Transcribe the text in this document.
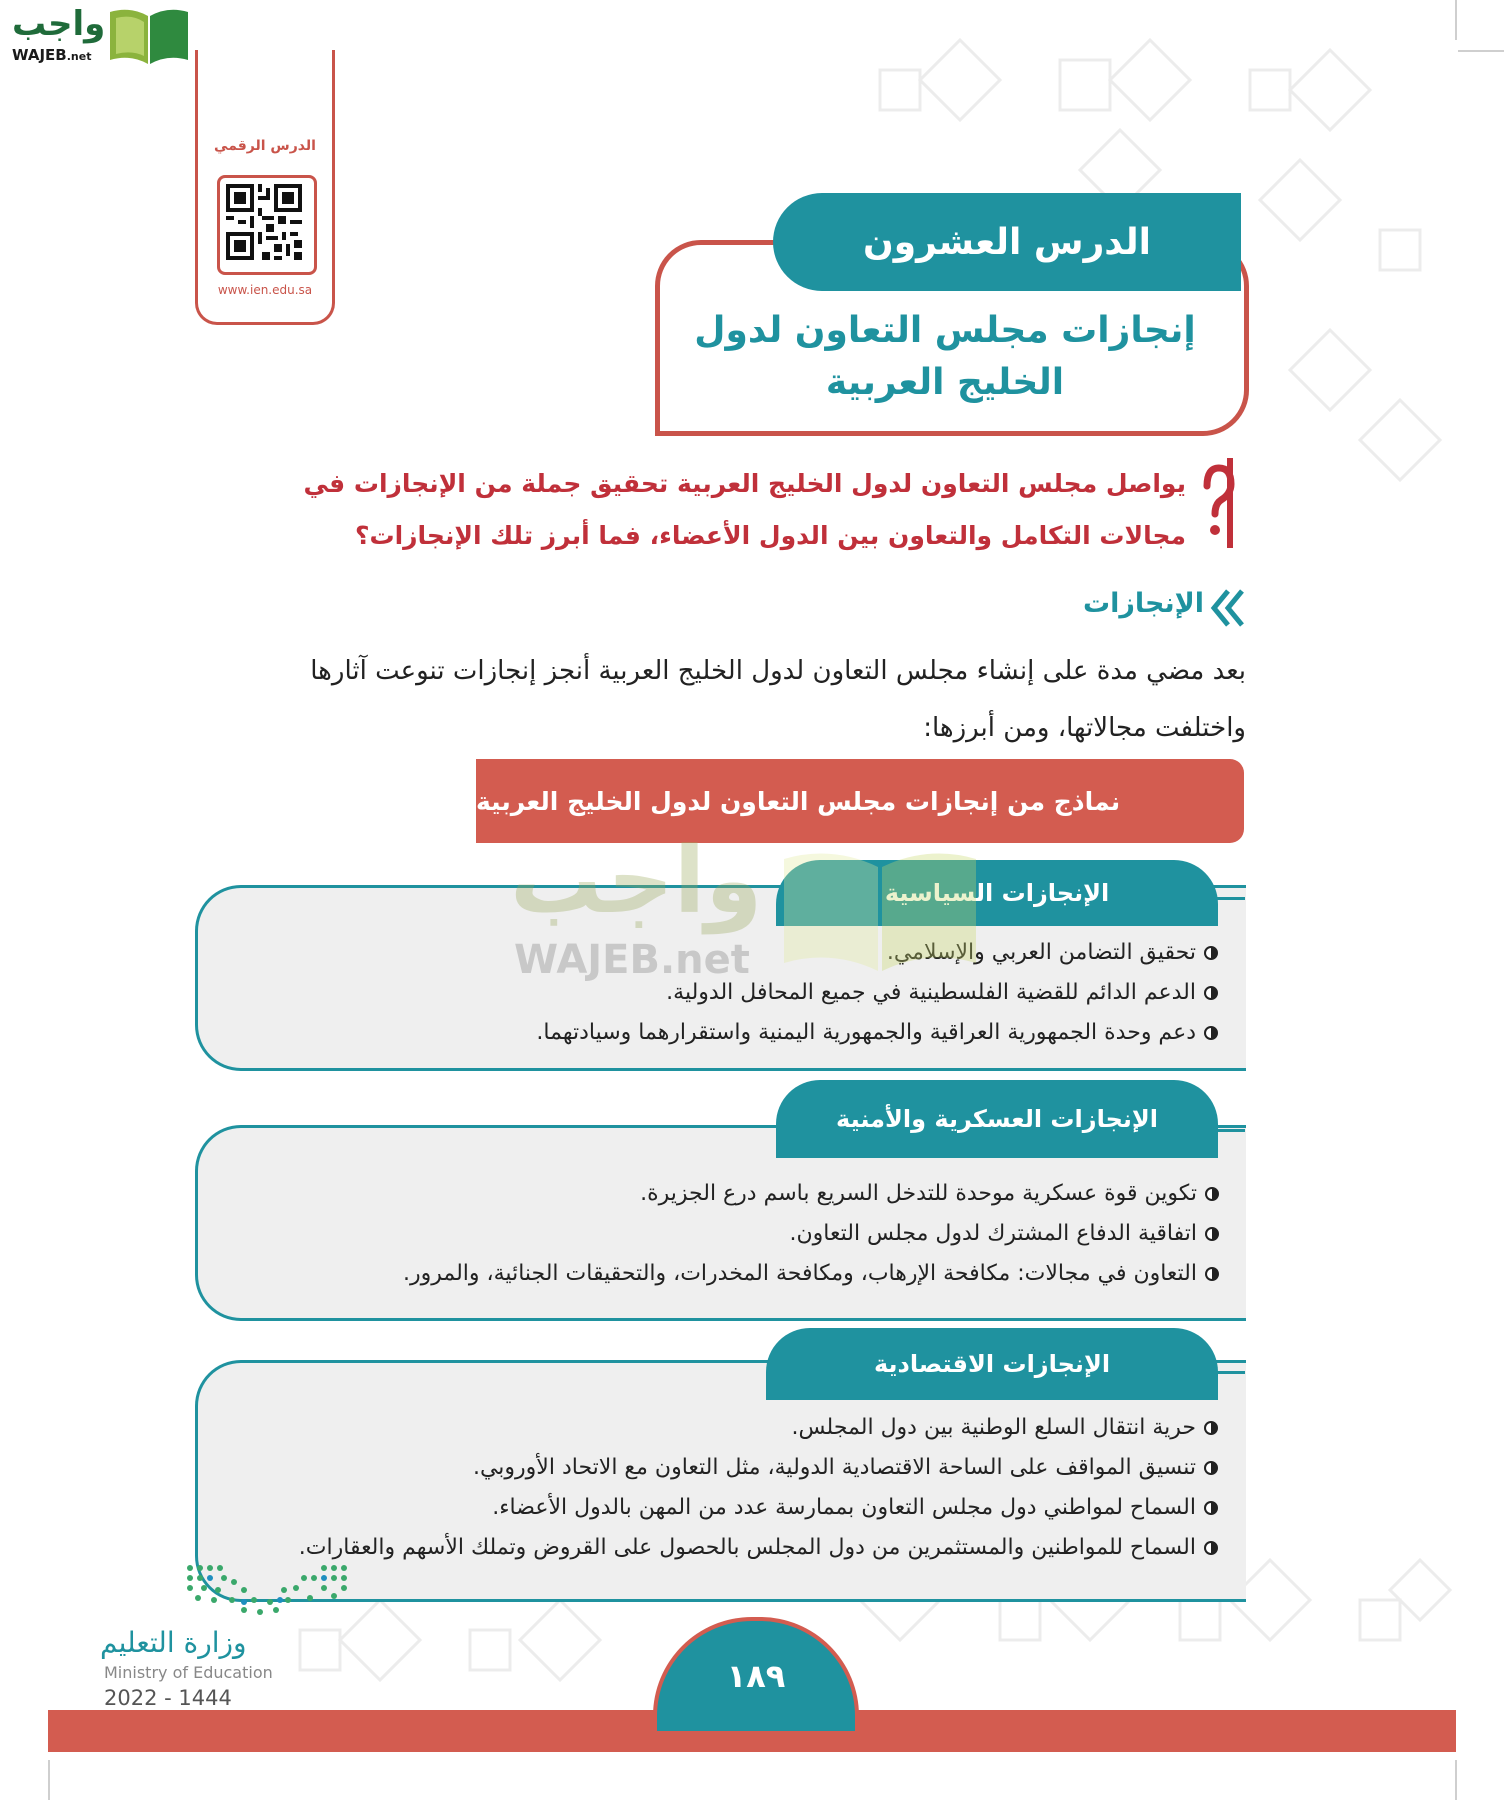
واجب
WAJEB.net
الدرس الرقمي
www.ien.edu.sa
الدرس العشرون
إنجازات مجلس التعاون لدول
الخليج العربية
يواصل مجلس التعاون لدول الخليج العربية تحقيق جملة من الإنجازات في
مجالات التكامل والتعاون بين الدول الأعضاء، فما أبرز تلك الإنجازات؟
الإنجازات
بعد مضي مدة على إنشاء مجلس التعاون لدول الخليج العربية أنجز إنجازات تنوعت آثارها
واختلفت مجالاتها، ومن أبرزها:
نماذج من إنجازات مجلس التعاون لدول الخليج العربية
الإنجازات السياسية
تحقيق التضامن العربي والإسلامي.
الدعم الدائم للقضية الفلسطينية في جميع المحافل الدولية.
دعم وحدة الجمهورية العراقية والجمهورية اليمنية واستقرارهما وسيادتهما.
الإنجازات العسكرية والأمنية
تكوين قوة عسكرية موحدة للتدخل السريع باسم درع الجزيرة.
اتفاقية الدفاع المشترك لدول مجلس التعاون.
التعاون في مجالات: مكافحة الإرهاب، ومكافحة المخدرات، والتحقيقات الجنائية، والمرور.
الإنجازات الاقتصادية
حرية انتقال السلع الوطنية بين دول المجلس.
تنسيق المواقف على الساحة الاقتصادية الدولية، مثل التعاون مع الاتحاد الأوروبي.
السماح لمواطني دول مجلس التعاون بممارسة عدد من المهن بالدول الأعضاء.
السماح للمواطنين والمستثمرين من دول المجلس بالحصول على القروض وتملك الأسهم والعقارات.
واجب
WAJEB.net
وزارة التعليم
Ministry of Education
2022 - 1444
١٨٩
